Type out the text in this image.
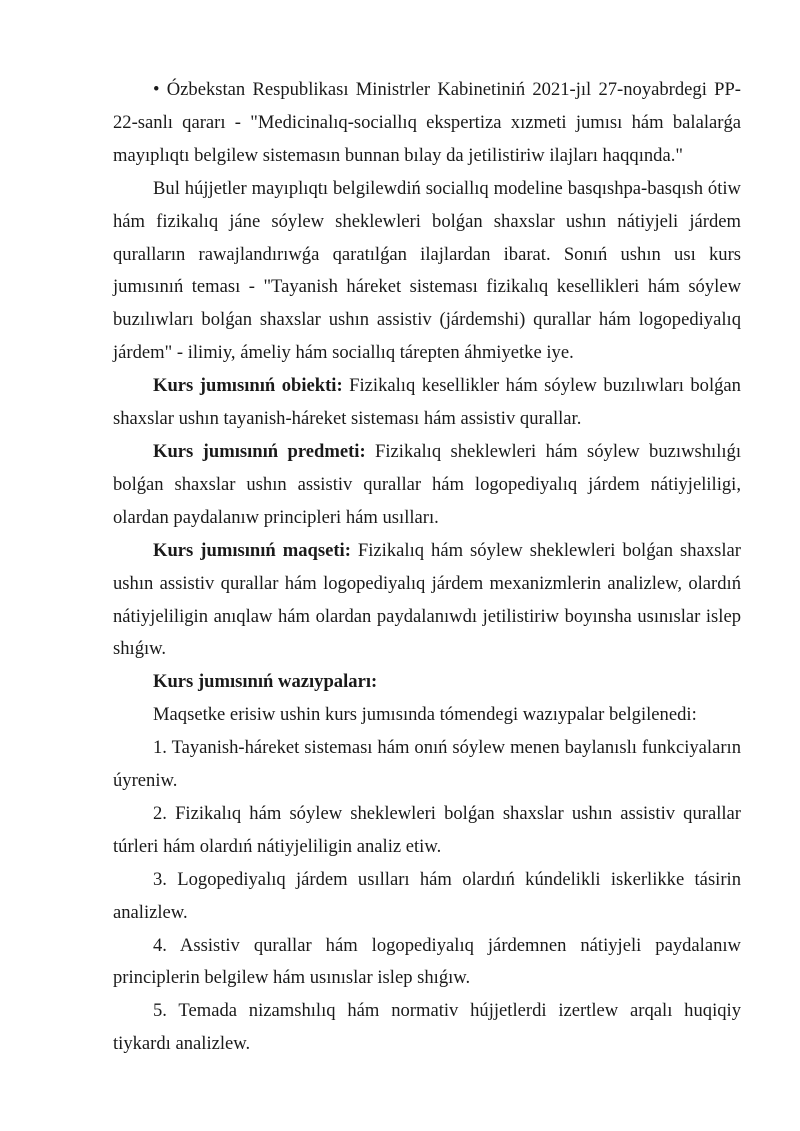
• Ózbekstan Respublikası Ministrler Kabinetiniń 2021-jıl 27-noyabrdegi PP-22-sanlı qararı - "Medicinalıq-sociallıq ekspertiza xızmeti jumısı hám balalarǵa mayıplıqtı belgilew sistemasın bunnan bılay da jetilistiriw ilajları haqqında."

Bul hújjetler mayıplıqtı belgilewdiń sociallıq modeline basqıshpa-basqısh ótiw hám fizikalıq jáne sóylew sheklewleri bolǵan shaxslar ushın nátiyjeli járdem quralların rawajlandırıwǵa qaratılǵan ilajlardan ibarat. Sonıń ushın usı kurs jumısınıń teması - "Tayanish háreket sisteması fizikalıq kesellikleri hám sóylew buzılıwları bolǵan shaxslar ushın assistiv (járdemshi) qurallar hám logopediyalıq járdem" - ilimiy, ámeliy hám sociallıq tárepten áhmiyetke iye.

Kurs jumısınıń obiekti: Fizikalıq kesellikler hám sóylew buzılıwları bolǵan shaxslar ushın tayanish-háreket sisteması hám assistiv qurallar.

Kurs jumısınıń predmeti: Fizikalıq sheklewleri hám sóylew buzıwshılıǵı bolǵan shaxslar ushın assistiv qurallar hám logopediyalıq járdem nátiyjeliligi, olardan paydalanıw principleri hám usılları.

Kurs jumısınıń maqseti: Fizikalıq hám sóylew sheklewleri bolǵan shaxslar ushın assistiv qurallar hám logopediyalıq járdem mexanizmlerin analizlew, olardıń nátiyjeliligin anıqlaw hám olardan paydalanıwdı jetilistiriw boyınsha usınıslar islep shıǵıw.

Kurs jumısınıń wazıypaları:

Maqsetke erisiw ushin kurs jumısında tómendegi wazıypalar belgilenedi:

1. Tayanish-háreket sisteması hám onıń sóylew menen baylanıslı funkciyaların úyreniw.

2. Fizikalıq hám sóylew sheklewleri bolǵan shaxslar ushın assistiv qurallar túrleri hám olardıń nátiyjeliligin analiz etiw.

3. Logopediyalıq járdem usılları hám olardıń kúndelikli iskerlikke tásirin analizlew.

4. Assistiv qurallar hám logopediyalıq járdemnen nátiyjeli paydalanıw principlerin belgilew hám usınıslar islep shıǵıw.

5. Temada nizamshılıq hám normativ hújjetlerdi izertlew arqalı huqiqiy tiykardı analizlew.
